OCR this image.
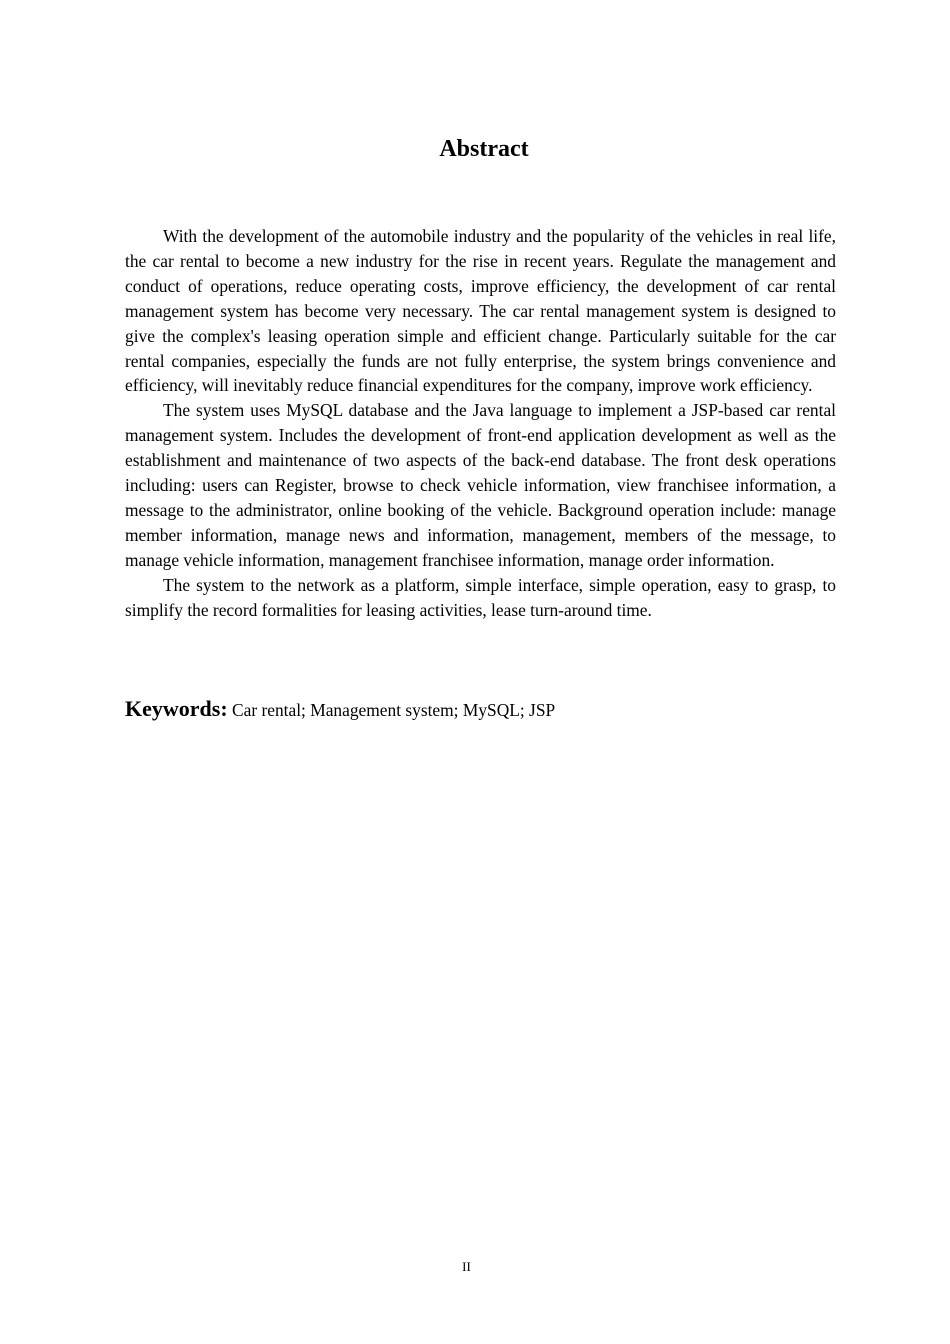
Abstract

With the development of the automobile industry and the popularity of the vehicles in real life, the car rental to become a new industry for the rise in recent years. Regulate the management and conduct of operations, reduce operating costs, improve efficiency, the development of car rental management system has become very necessary. The car rental management system is designed to give the complex's leasing operation simple and efficient change. Particularly suitable for the car rental companies, especially the funds are not fully enterprise, the system brings convenience and efficiency, will inevitably reduce financial expenditures for the company, improve work efficiency.

The system uses MySQL database and the Java language to implement a JSP-based car rental management system. Includes the development of front-end application development as well as the establishment and maintenance of two aspects of the back-end database. The front desk operations including: users can Register, browse to check vehicle information, view franchisee information, a message to the administrator, online booking of the vehicle. Background operation include: manage member information, manage news and information, management, members of the message, to manage vehicle information, management franchisee information, manage order information.

The system to the network as a platform, simple interface, simple operation, easy to grasp, to simplify the record formalities for leasing activities, lease turn-around time.

Keywords: Car rental; Management system; MySQL; JSP
II
